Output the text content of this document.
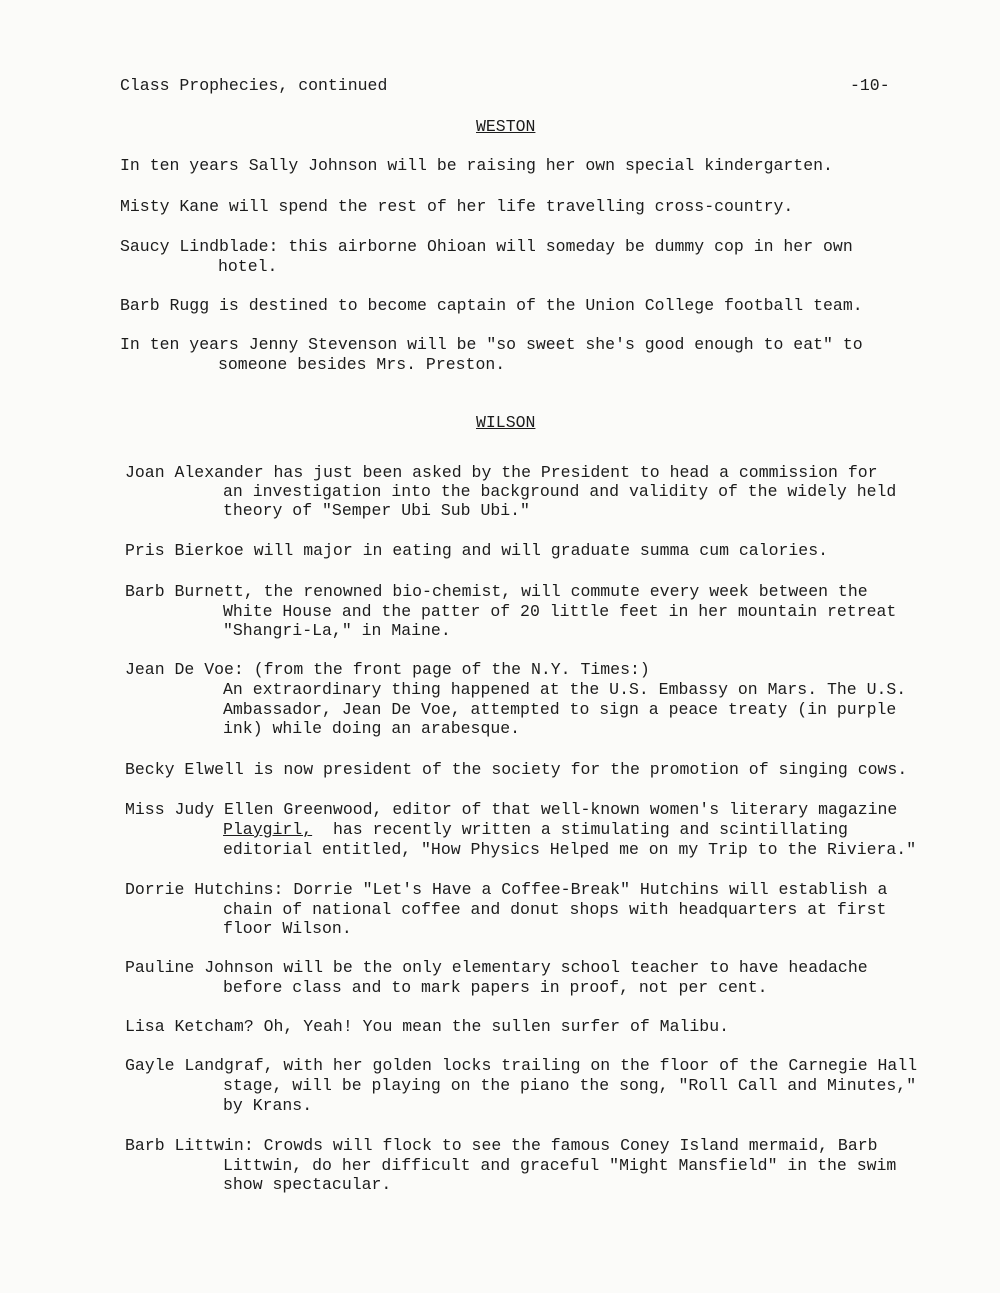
Class Prophecies, continued	-10-
WESTON
In ten years Sally Johnson will be raising her own special kindergarten.
Misty Kane will spend the rest of her life travelling cross-country.
Saucy Lindblade: this airborne Ohioan will someday be dummy cop in her own
hotel.
Barb Rugg is destined to become captain of the Union College football team.
In ten years Jenny Stevenson will be "so sweet she's good enough to eat" to
someone besides Mrs. Preston.
WILSON
Joan Alexander has just been asked by the President to head a commission for
an investigation into the background and validity of the widely held
theory of "Semper Ubi Sub Ubi."
Pris Bierkoe will major in eating and will graduate summa cum calories.
Barb Burnett, the renowned bio-chemist, will commute every week between the
White House and the patter of 20 little feet in her mountain retreat
"Shangri-La," in Maine.
Jean De Voe: (from the front page of the N.Y. Times:)
An extraordinary thing happened at the U.S. Embassy on Mars. The U.S.
Ambassador, Jean De Voe, attempted to sign a peace treaty (in purple
ink) while doing an arabesque.
Becky Elwell is now president of the society for the promotion of singing cows.
Miss Judy Ellen Greenwood, editor of that well-known women's literary magazine
Playgirl, has recently written a stimulating and scintillating
editorial entitled, "How Physics Helped me on my Trip to the Riviera."
Dorrie Hutchins: Dorrie "Let's Have a Coffee-Break" Hutchins will establish a
chain of national coffee and donut shops with headquarters at first
floor Wilson.
Pauline Johnson will be the only elementary school teacher to have headache
before class and to mark papers in proof, not per cent.
Lisa Ketcham? Oh, Yeah! You mean the sullen surfer of Malibu.
Gayle Landgraf, with her golden locks trailing on the floor of the Carnegie Hall
stage, will be playing on the piano the song, "Roll Call and Minutes,"
by Krans.
Barb Littwin: Crowds will flock to see the famous Coney Island mermaid, Barb
Littwin, do her difficult and graceful "Might Mansfield" in the swim
show spectacular.
